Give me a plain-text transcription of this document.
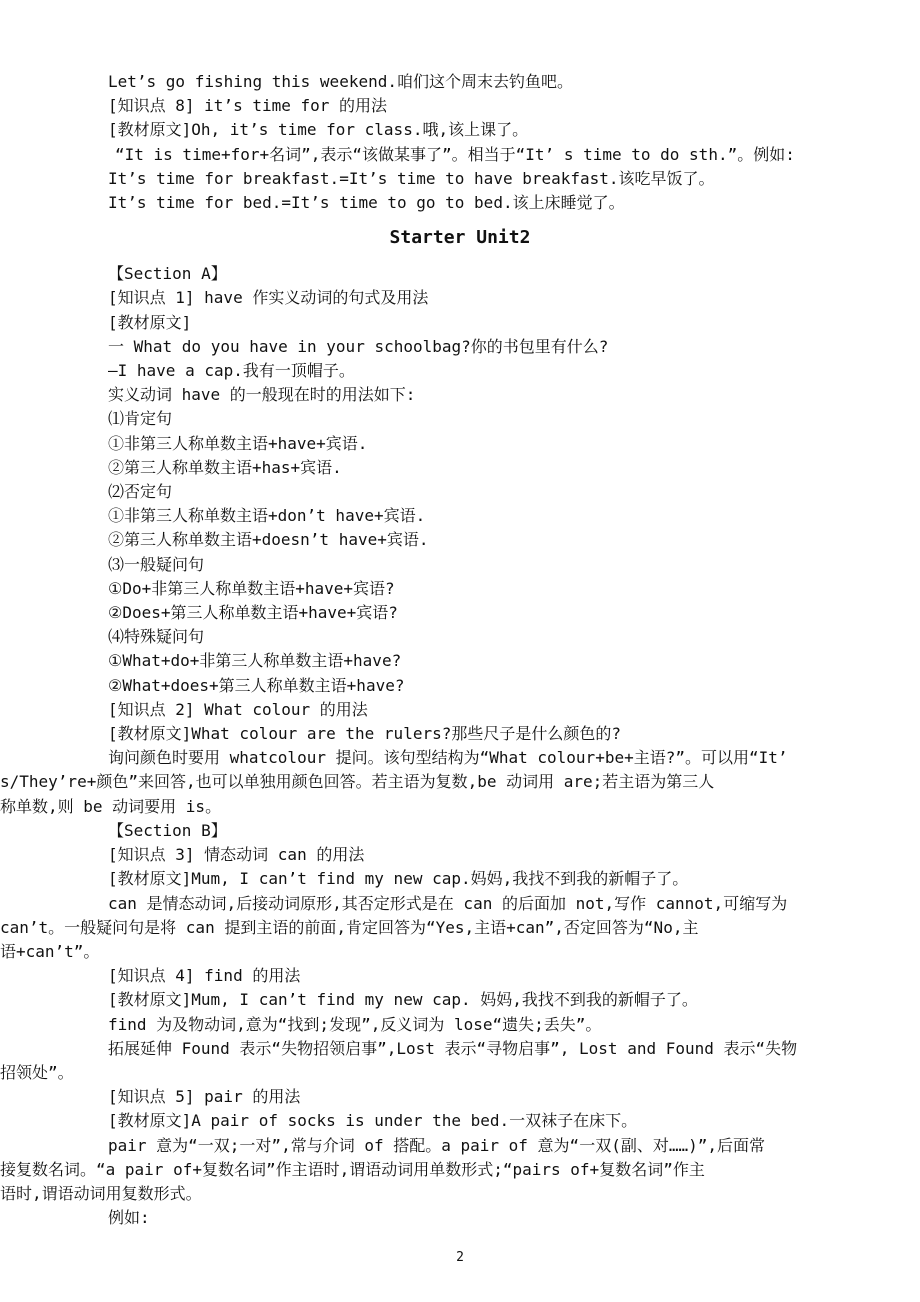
Let’s go fishing this weekend.咱们这个周末去钓鱼吧。

[知识点 8] it’s time for 的用法

[教材原文]Oh, it’s time for class.哦,该上课了。

“It is time+for+名词”,表示“该做某事了”。相当于“It’ s time to do sth.”。例如:

It’s time for breakfast.=It’s time to have breakfast.该吃早饭了。

It’s time for bed.=It’s time to go to bed.该上床睡觉了。

Starter Unit2

【Section A】

[知识点 1] have 作实义动词的句式及用法

[教材原文]

一 What do you have in your schoolbag?你的书包里有什么?

—I have a cap.我有一顶帽子。

实义动词 have 的一般现在时的用法如下:

⑴肯定句

①非第三人称单数主语+have+宾语.

②第三人称单数主语+has+宾语.

⑵否定句

①非第三人称单数主语+don’t have+宾语.

②第三人称单数主语+doesn’t have+宾语.

⑶一般疑问句

①Do+非第三人称单数主语+have+宾语?

②Does+第三人称单数主语+have+宾语?

⑷特殊疑问句

①What+do+非第三人称单数主语+have?

②What+does+第三人称单数主语+have?

[知识点 2] What colour 的用法

[教材原文]What colour are the rulers?那些尺子是什么颜色的?

询问颜色时要用 whatcolour 提问。该句型结构为“What colour+be+主语?”。可以用“It’

s/They’re+颜色”来回答,也可以单独用颜色回答。若主语为复数,be 动词用 are;若主语为第三人

称单数,则 be 动词要用 is。

【Section B】

[知识点 3] 情态动词 can 的用法

[教材原文]Mum, I can’t find my new cap.妈妈,我找不到我的新帽子了。

can 是情态动词,后接动词原形,其否定形式是在 can 的后面加 not,写作 cannot,可缩写为

can’t。一般疑问句是将 can 提到主语的前面,肯定回答为“Yes,主语+can”,否定回答为“No,主

语+can’t”。

[知识点 4] find 的用法

[教材原文]Mum, I can’t find my new cap. 妈妈,我找不到我的新帽子了。

find 为及物动词,意为“找到;发现”,反义词为 lose“遗失;丢失”。

拓展延伸 Found 表示“失物招领启事”,Lost 表示“寻物启事”, Lost and Found 表示“失物

招领处”。

[知识点 5] pair 的用法

[教材原文]A pair of socks is under the bed.一双袜子在床下。

pair 意为“一双;一对”,常与介词 of 搭配。a pair of 意为“一双(副、对……)”,后面常

接复数名词。“a pair of+复数名词”作主语时,谓语动词用单数形式;“pairs of+复数名词”作主

语时,谓语动词用复数形式。

例如:

2
